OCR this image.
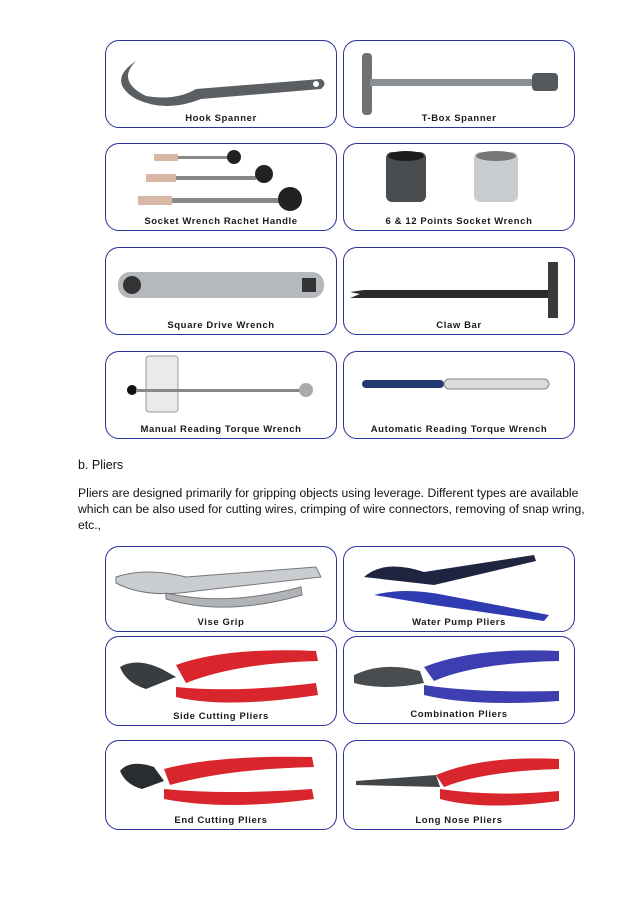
Hook Spanner	T-Box Spanner
Socket Wrench Rachet Handle	6 & 12 Points Socket Wrench
Square Drive Wrench	Claw Bar
Manual Reading Torque Wrench	Automatic Reading Torque Wrench
b. Pliers
Pliers are designed primarily for gripping objects using leverage. Different types are available which can be also used for cutting wires, crimping of wire connectors, removing of snap wring, etc.,
Vise Grip	Water Pump Pliers
Side Cutting Pliers	Combination Pliers
End Cutting Pliers	Long Nose Pliers
